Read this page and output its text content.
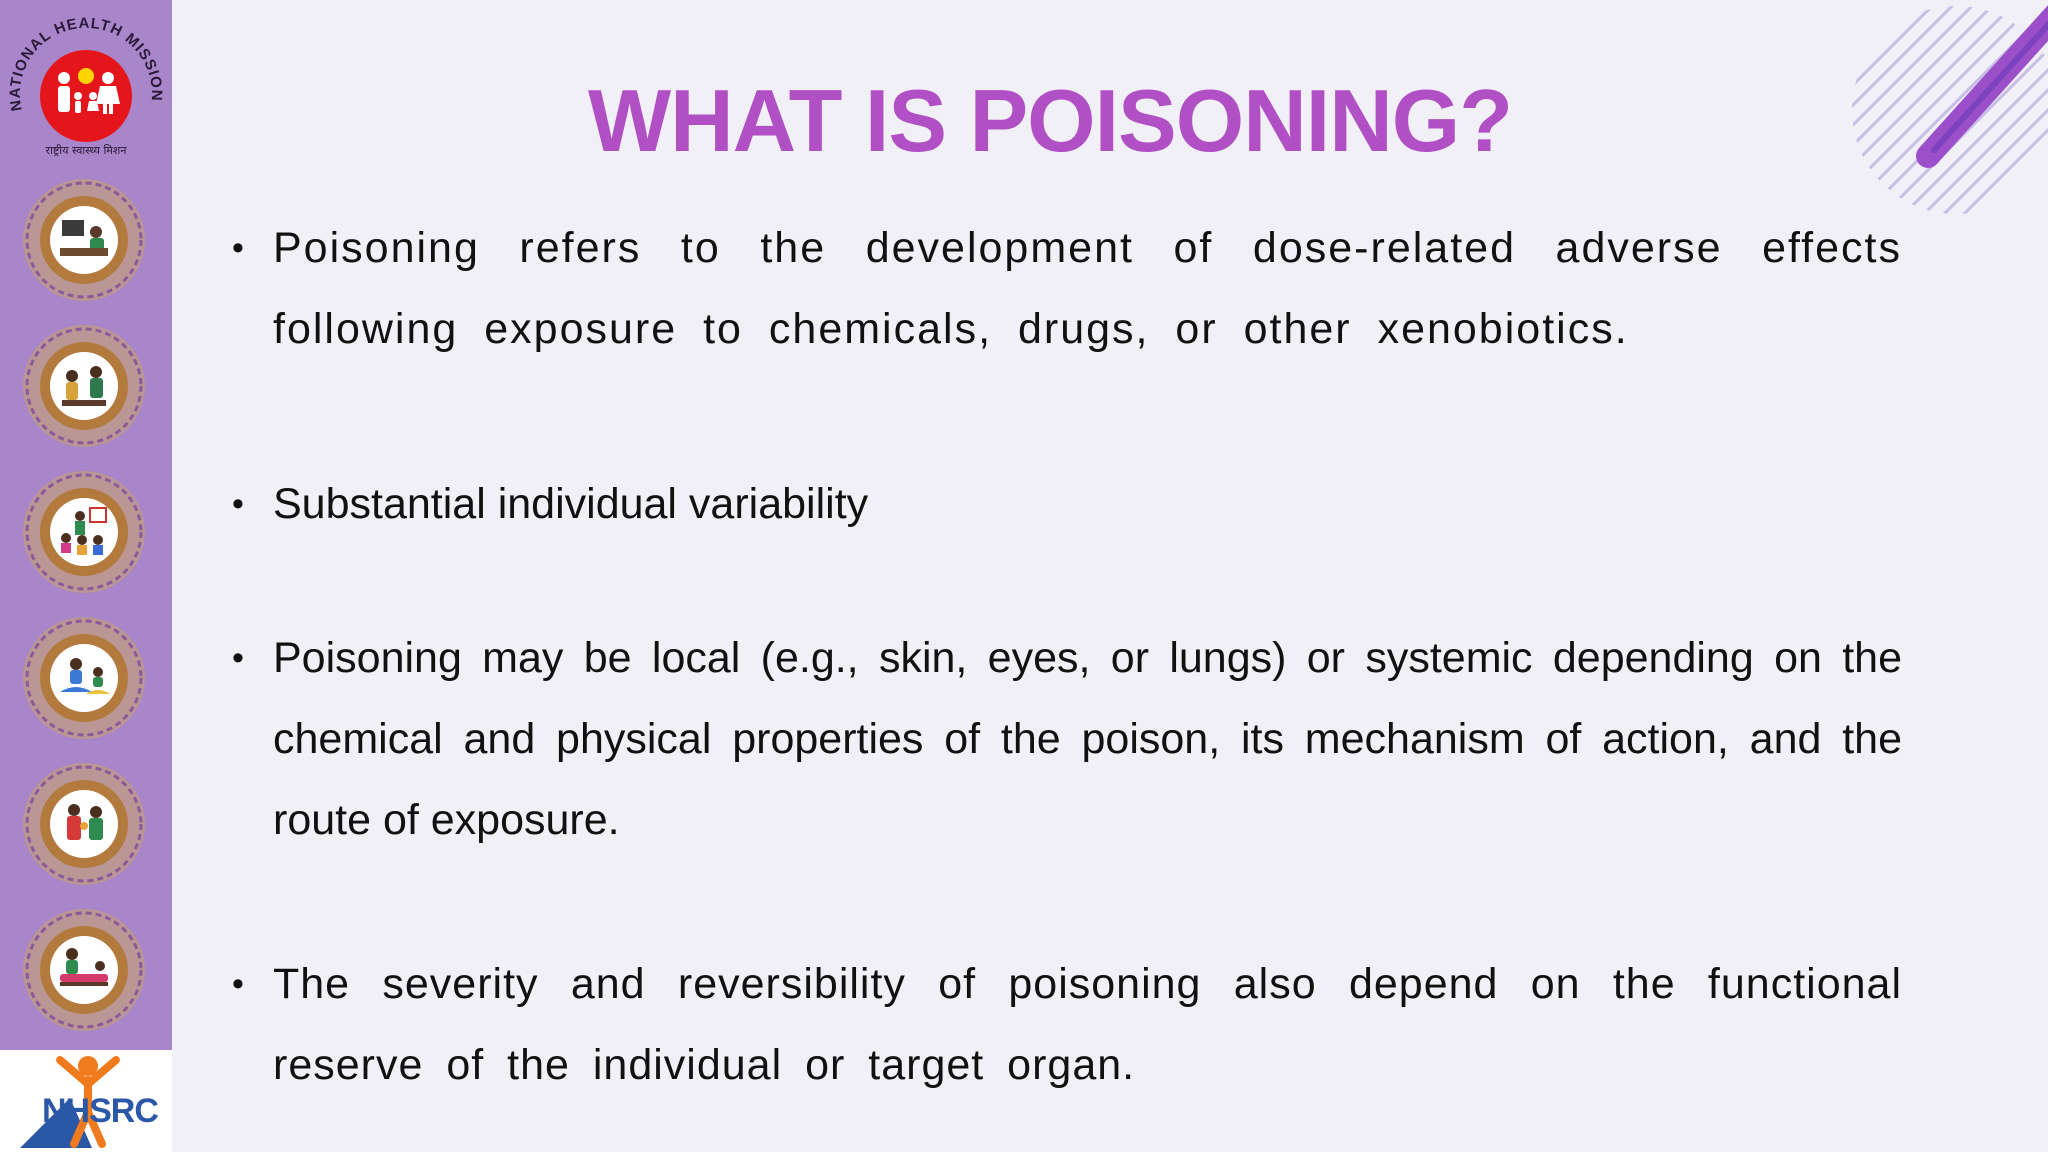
NATIONAL HEALTH MISSION
राष्ट्रीय स्वास्थ्य मिशन
NHSRC
WHAT IS POISONING?
• Poisoning refers to the development of dose-related adverse effects following exposure to chemicals, drugs, or other xenobiotics.
• Substantial individual variability
• Poisoning may be local (e.g., skin, eyes, or lungs) or systemic depending on the chemical and physical properties of the poison, its mechanism of action, and the route of exposure.
• The severity and reversibility of poisoning also depend on the functional reserve of the individual or target organ.
